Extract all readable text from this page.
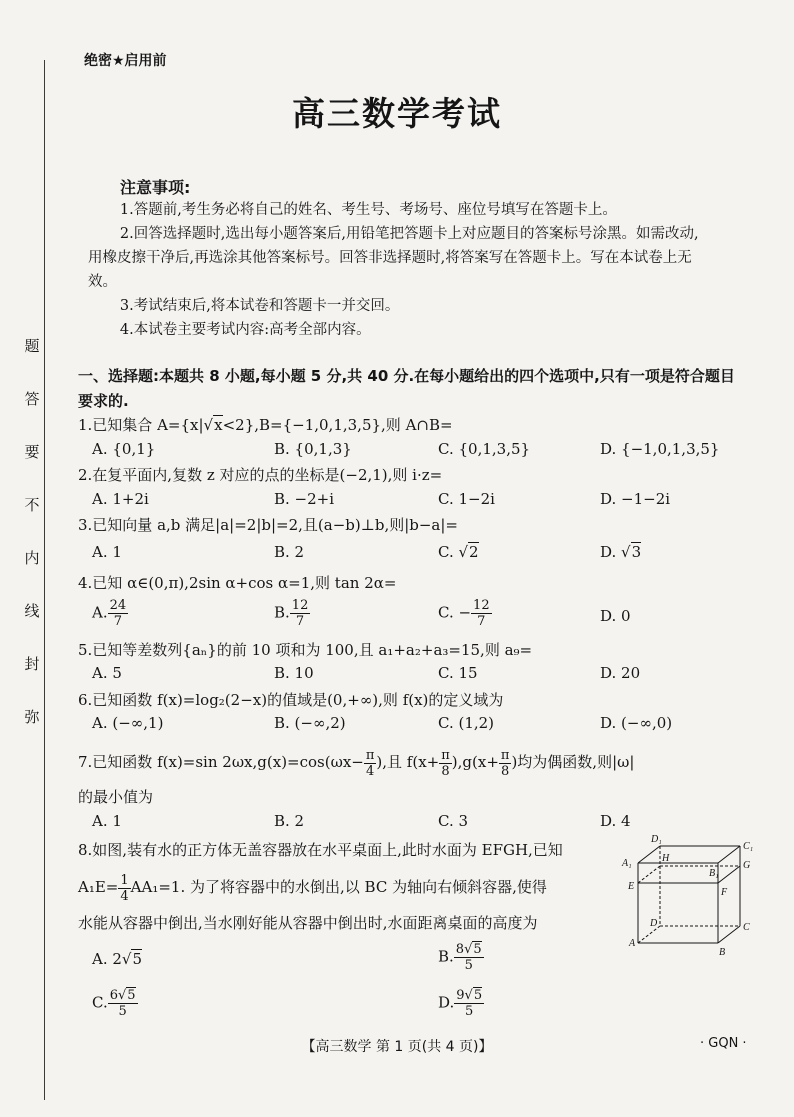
题
答
要
不
内
线
封
弥
绝密★启用前
高三数学考试
注意事项:
1.答题前,考生务必将自己的姓名、考生号、考场号、座位号填写在答题卡上。
2.回答选择题时,选出每小题答案后,用铅笔把答题卡上对应题目的答案标号涂黑。如需改动,用橡皮擦干净后,再选涂其他答案标号。回答非选择题时,将答案写在答题卡上。写在本试卷上无效。
3.考试结束后,将本试卷和答题卡一并交回。
4.本试卷主要考试内容:高考全部内容。
一、选择题:本题共 8 小题,每小题 5 分,共 40 分.在每小题给出的四个选项中,只有一项是符合题目要求的.
1.已知集合 A={x|√x<2},B={−1,0,1,3,5},则 A∩B=
A. {0,1}	B. {0,1,3}	C. {0,1,3,5}	D. {−1,0,1,3,5}
2.在复平面内,复数 z 对应的点的坐标是(−2,1),则 i·z=
A. 1+2i	B. −2+i	C. 1−2i	D. −1−2i
3.已知向量 a,b 满足|a|=2|b|=2,且(a−b)⊥b,则|b−a|=
A. 1	B. 2	C. √2	D. √3
4.已知 α∈(0,π),2sin α+cos α=1,则 tan 2α=
A. $\frac{24}{7}$	B. $\frac{12}{7}$	C. − $\frac{12}{7}$	D. 0
5.已知等差数列{aₙ}的前 10 项和为 100,且 a₁+a₂+a₃=15,则 a₉=
A. 5	B. 10	C. 15	D. 20
6.已知函数 f(x)=log₂(2−x)的值域是(0,+∞),则 f(x)的定义域为
A. (−∞,1)	B. (−∞,2)	C. (1,2)	D. (−∞,0)
7.已知函数 f(x)=sin $2\omega x,g(x)=\cos(\omega x- \frac{\pi}{4}$ ),且 $f(x+ \frac{\pi}{8} ),g(x+ \frac{\pi}{8}$ )均为偶函数,则|ω|
的最小值为
A. 1	B. 2	C. 3	D. 4
8.如图,装有水的正方体无盖容器放在水平桌面上,此时水面为 EFGH,已知
$A_1E= \frac{1}{4} AA_1=1$. 为了将容器中的水倒出,以 BC 为轴向右倾斜容器,使得
水能从容器中倒出,当水刚好能从容器中倒出时,水面距离桌面的高度为
A. 2√5	B. $\frac{8√5}{5}$
C. $\frac{6√5}{5}$	D. $\frac{9√5}{5}$
D₁
C₁
A₁	H
B₁
G
E
F
D	C
A
B
【高三数学 第 1 页(共 4 页)】	· GQN ·
